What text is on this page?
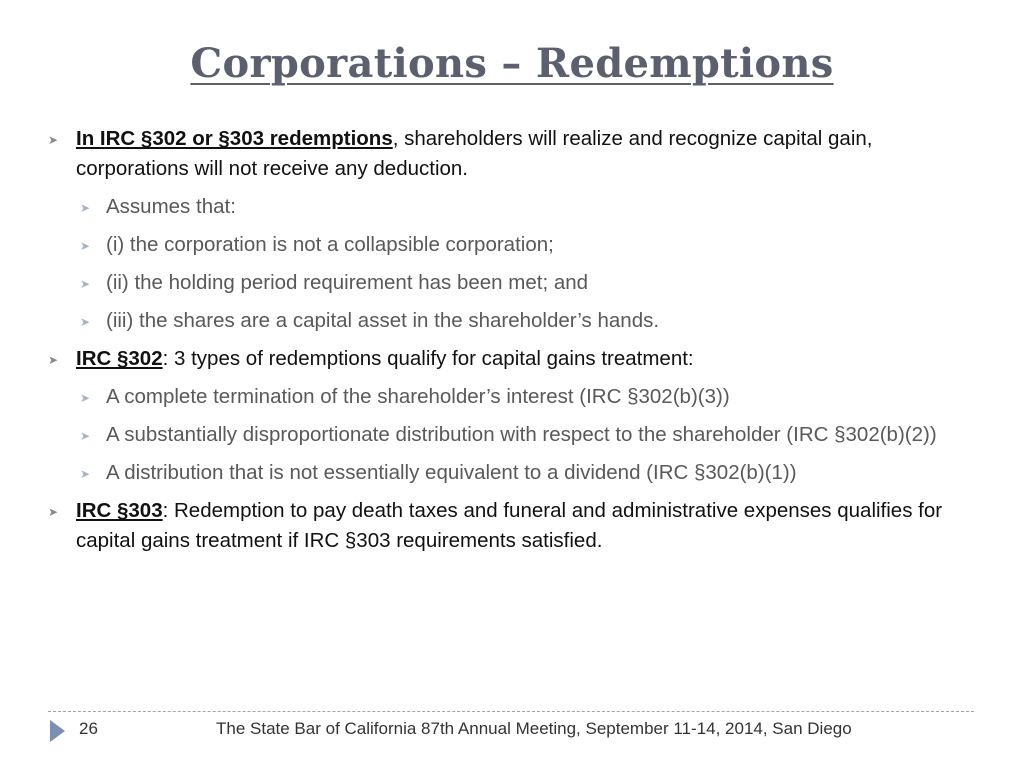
Corporations – Redemptions
➤ In IRC §302 or §303 redemptions, shareholders will realize and recognize capital gain, corporations will not receive any deduction.
➤ Assumes that:
➤ (i) the corporation is not a collapsible corporation;
➤ (ii) the holding period requirement has been met; and
➤ (iii) the shares are a capital asset in the shareholder’s hands.
➤ IRC §302: 3 types of redemptions qualify for capital gains treatment:
➤ A complete termination of the shareholder’s interest (IRC §302(b)(3))
➤ A substantially disproportionate distribution with respect to the shareholder (IRC §302(b)(2))
➤ A distribution that is not essentially equivalent to a dividend (IRC §302(b)(1))
➤ IRC §303: Redemption to pay death taxes and funeral and administrative expenses qualifies for capital gains treatment if IRC §303 requirements satisfied.
26	The State Bar of California 87th Annual Meeting, September 11-14, 2014, San Diego
